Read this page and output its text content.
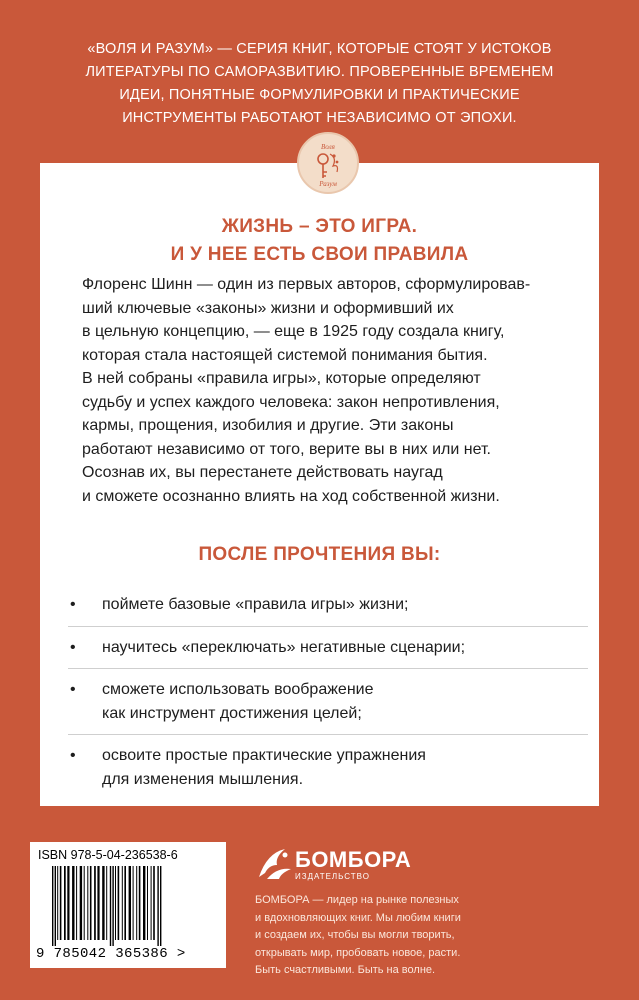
«ВОЛЯ И РАЗУМ» — СЕРИЯ КНИГ, КОТОРЫЕ СТОЯТ У ИСТОКОВ
ЛИТЕРАТУРЫ ПО САМОРАЗВИТИЮ. ПРОВЕРЕННЫЕ ВРЕМЕНЕМ
ИДЕИ, ПОНЯТНЫЕ ФОРМУЛИРОВКИ И ПРАКТИЧЕСКИЕ
ИНСТРУМЕНТЫ РАБОТАЮТ НЕЗАВИСИМО ОТ ЭПОХИ.
ЖИЗНЬ – ЭТО ИГРА.
И У НЕЕ ЕСТЬ СВОИ ПРАВИЛА
Флоренс Шинн — один из первых авторов, сформулировав-
ший ключевые «законы» жизни и оформивший их
в цельную концепцию, — еще в 1925 году создала книгу,
которая стала настоящей системой понимания бытия.
В ней собраны «правила игры», которые определяют
судьбу и успех каждого человека: закон непротивления,
кармы, прощения, изобилия и другие. Эти законы
работают независимо от того, верите вы в них или нет.
Осознав их, вы перестанете действовать наугад
и сможете осознанно влиять на ход собственной жизни.
ПОСЛЕ ПРОЧТЕНИЯ ВЫ:
• поймете базовые «правила игры» жизни;
• научитесь «переключать» негативные сценарии;
• сможете использовать воображение
как инструмент достижения целей;
• освоите простые практические упражнения
для изменения мышления.
Воля
Разум
ISBN 978-5-04-236538-6
9 785042 365386 >
БОМБОРА
ИЗДАТЕЛЬСТВО
БОМБОРА — лидер на рынке полезных
и вдохновляющих книг. Мы любим книги
и создаем их, чтобы вы могли творить,
открывать мир, пробовать новое, расти.
Быть счастливыми. Быть на волне.
